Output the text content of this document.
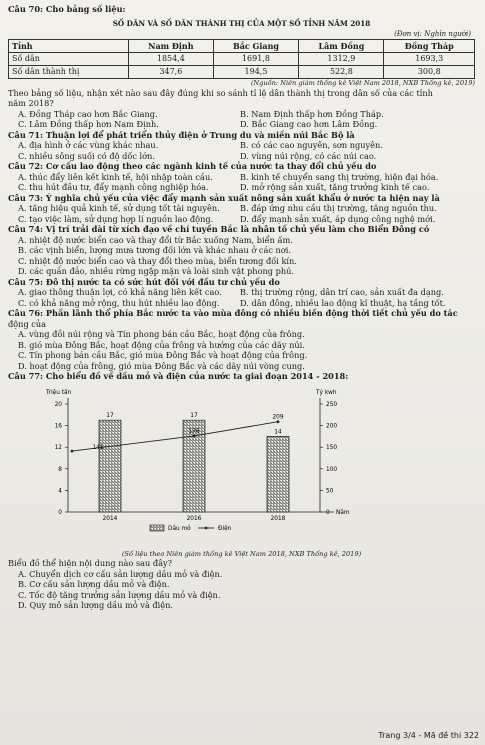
Câu 70: Cho bảng số liệu:
SỐ DÂN VÀ SỐ DÂN THÀNH THỊ CỦA MỘT SỐ TỈNH NĂM 2018
(Đơn vị: Nghìn người)
Tỉnh	Nam Định	Bắc Giang	Lâm Đồng	Đồng Tháp
Số dân	1854,4	1691,8	1312,9	1693,3
Số dân thành thị	347,6	194,5	522,8	300,8
(Nguồn: Niên giám thống kê Việt Nam 2018, NXB Thống kê, 2019)
Theo bảng số liệu, nhận xét nào sau đây đúng khi so sánh tỉ lệ dân thành thị trong dân số của các tỉnh
năm 2018?
A. Đồng Tháp cao hơn Bắc Giang.	B. Nam Định thấp hơn Đồng Tháp.
C. Lâm Đồng thấp hơn Nam Định.	D. Bắc Giang cao hơn Lâm Đồng.
Câu 71: Thuận lợi để phát triển thủy điện ở Trung du và miền núi Bắc Bộ là
A. địa hình ở các vùng khác nhau.	B. có các cao nguyên, sơn nguyên.
C. nhiều sông suối có độ dốc lớn.	D. vùng núi rộng, có các núi cao.
Câu 72: Cơ cấu lao động theo các ngành kinh tế của nước ta thay đổi chủ yếu do
A. thúc đẩy liên kết kinh tế, hội nhập toàn cầu.	B. kinh tế chuyển sang thị trường, hiện đại hóa.
C. thu hút đầu tư, đẩy mạnh công nghiệp hóa.	D. mở rộng sản xuất, tăng trưởng kinh tế cao.
Câu 73: Ý nghĩa chủ yếu của việc đẩy mạnh sản xuất nông sản xuất khẩu ở nước ta hiện nay là
A. tăng hiệu quả kinh tế, sử dụng tốt tài nguyên.	B. đáp ứng nhu cầu thị trường, tăng nguồn thu.
C. tạo việc làm, sử dụng hợp lí nguồn lao động.	D. đẩy mạnh sản xuất, áp dụng công nghệ mới.
Câu 74: Vị trí trải dài từ xích đạo về chí tuyến Bắc là nhân tố chủ yếu làm cho Biển Đông có
A. nhiệt độ nước biển cao và thay đổi từ Bắc xuống Nam, biển ấm.
B. các vịnh biển, lượng mưa tương đối lớn và khác nhau ở các nơi.
C. nhiệt độ nước biển cao và thay đổi theo mùa, biển tương đối kín.
D. các quần đảo, nhiều rừng ngập mặn và loài sinh vật phong phú.
Câu 75: Đô thị nước ta có sức hút đối với đầu tư chủ yếu do
A. giao thông thuận lợi, có khả năng liên kết cao.	B. thị trường rộng, dân trí cao, sản xuất đa dạng.
C. có khả năng mở rộng, thu hút nhiều lao động.	D. dân đông, nhiều lao động kĩ thuật, hạ tầng tốt.
Câu 76: Phần lãnh thổ phía Bắc nước ta vào mùa đông có nhiều biến động thời tiết chủ yếu do tác
động của
A. vùng đồi núi rộng và Tín phong bán cầu Bắc, hoạt động của frông.
B. gió mùa Đông Bắc, hoạt động của frông và hướng của các dãy núi.
C. Tín phong bán cầu Bắc, gió mùa Đông Bắc và hoạt động của frông.
D. hoạt động của frông, gió mùa Đông Bắc và các dãy núi vòng cung.
Câu 77: Cho biểu đồ về dầu mỏ và điện của nước ta giai đoạn 2014 - 2018:
Triệu tấn	Tỷ kwh
Năm
20
16
12
8
4
0
250
200
150
100
50
0
17
2014
17
2016
14
2018
141
176
209
Dầu mỏ	Điện
(Số liệu theo Niên giám thống kê Việt Nam 2018, NXB Thống kê, 2019)
Biểu đồ thể hiện nội dung nào sau đây?
A. Chuyển dịch cơ cấu sản lượng dầu mỏ và điện.
B. Cơ cấu sản lượng dầu mỏ và điện.
C. Tốc độ tăng trưởng sản lượng dầu mỏ và điện.
D. Quy mô sản lượng dầu mỏ và điện.
Trang 3/4 - Mã đề thi 322
